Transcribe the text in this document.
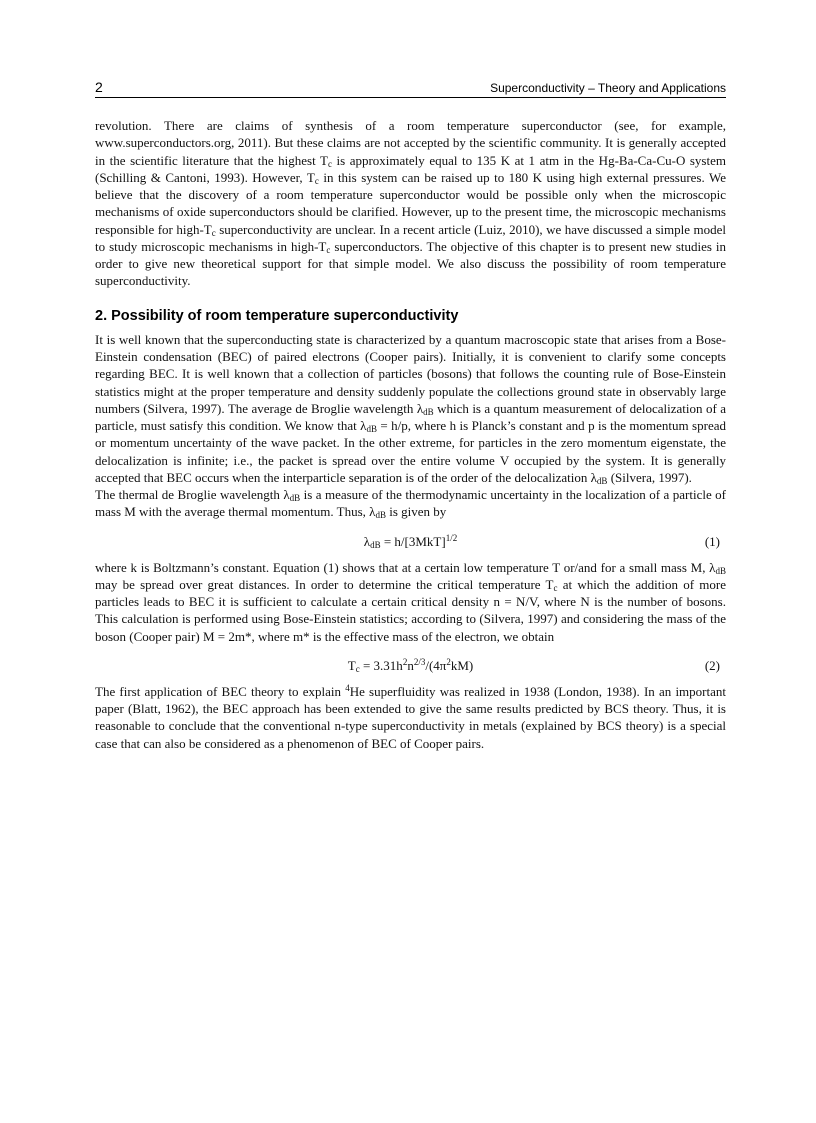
2	Superconductivity – Theory and Applications

revolution. There are claims of synthesis of a room temperature superconductor (see, for example, www.superconductors.org, 2011). But these claims are not accepted by the scientific community. It is generally accepted in the scientific literature that the highest $T_c$ is approximately equal to 135 K at 1 atm in the Hg-Ba-Ca-Cu-O system (Schilling & Cantoni, 1993). However, $T_c$ in this system can be raised up to 180 K using high external pressures. We believe that the discovery of a room temperature superconductor would be possible only when the microscopic mechanisms of oxide superconductors should be clarified. However, up to the present time, the microscopic mechanisms responsible for high-$T_c$ superconductivity are unclear. In a recent article (Luiz, 2010), we have discussed a simple model to study microscopic mechanisms in high-$T_c$ superconductors. The objective of this chapter is to present new studies in order to give new theoretical support for that simple model. We also discuss the possibility of room temperature superconductivity.

2. Possibility of room temperature superconductivity

It is well known that the superconducting state is characterized by a quantum macroscopic state that arises from a Bose-Einstein condensation (BEC) of paired electrons (Cooper pairs). Initially, it is convenient to clarify some concepts regarding BEC. It is well known that a collection of particles (bosons) that follows the counting rule of Bose-Einstein statistics might at the proper temperature and density suddenly populate the collections ground state in observably large numbers (Silvera, 1997). The average de Broglie wavelength $\lambda_{dB}$ which is a quantum measurement of delocalization of a particle, must satisfy this condition. We know that $\lambda_{dB} = h/p$, where h is Planck’s constant and p is the momentum spread or momentum uncertainty of the wave packet. In the other extreme, for particles in the zero momentum eigenstate, the delocalization is infinite; i.e., the packet is spread over the entire volume V occupied by the system. It is generally accepted that BEC occurs when the interparticle separation is of the order of the delocalization $\lambda_{dB}$ (Silvera, 1997).

The thermal de Broglie wavelength $\lambda_{dB}$ is a measure of the thermodynamic uncertainty in the localization of a particle of mass M with the average thermal momentum. Thus, $\lambda_{dB}$ is given by

$\lambda_{dB} = h/[3MkT]^{1/2}$	(1)

where k is Boltzmann’s constant. Equation (1) shows that at a certain low temperature T or/and for a small mass M, $\lambda_{dB}$ may be spread over great distances. In order to determine the critical temperature $T_c$ at which the addition of more particles leads to BEC it is sufficient to calculate a certain critical density n = N/V, where N is the number of bosons. This calculation is performed using Bose-Einstein statistics; according to (Silvera, 1997) and considering the mass of the boson (Cooper pair) M = 2m*, where m* is the effective mass of the electron, we obtain

$T_c = 3.31h^2n^{2/3}/(4\pi^2kM)$	(2)

The first application of BEC theory to explain $^4$He superfluidity was realized in 1938 (London, 1938). In an important paper (Blatt, 1962), the BEC approach has been extended to give the same results predicted by BCS theory. Thus, it is reasonable to conclude that the conventional n-type superconductivity in metals (explained by BCS theory) is a special case that can also be considered as a phenomenon of BEC of Cooper pairs.
